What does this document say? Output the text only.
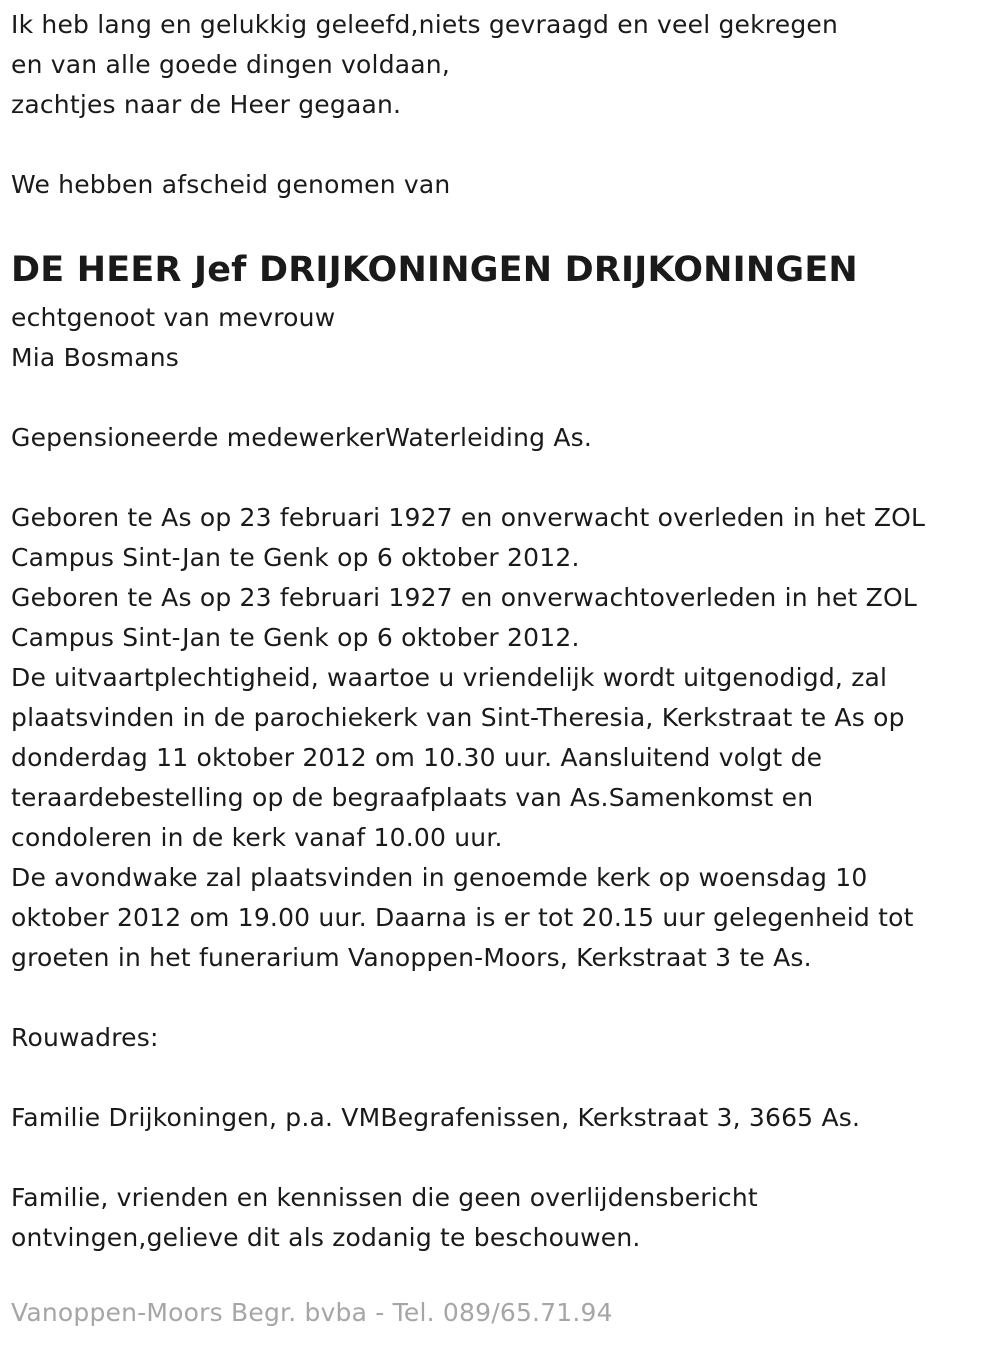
Ik heb lang en gelukkig geleefd,niets gevraagd en veel gekregen
en van alle goede dingen voldaan,
zachtjes naar de Heer gegaan.
We hebben afscheid genomen van
DE HEER Jef DRIJKONINGEN DRIJKONINGEN
echtgenoot van mevrouw
Mia Bosmans
Gepensioneerde medewerkerWaterleiding As.
Geboren te As op 23 februari 1927 en onverwacht overleden in het ZOL
Campus Sint-Jan te Genk op 6 oktober 2012.
Geboren te As op 23 februari 1927 en onverwachtoverleden in het ZOL
Campus Sint-Jan te Genk op 6 oktober 2012.
De uitvaartplechtigheid, waartoe u vriendelijk wordt uitgenodigd, zal
plaatsvinden in de parochiekerk van Sint-Theresia, Kerkstraat te As op
donderdag 11 oktober 2012 om 10.30 uur. Aansluitend volgt de
teraardebestelling op de begraafplaats van As.Samenkomst en
condoleren in de kerk vanaf 10.00 uur.
De avondwake zal plaatsvinden in genoemde kerk op woensdag 10
oktober 2012 om 19.00 uur. Daarna is er tot 20.15 uur gelegenheid tot
groeten in het funerarium Vanoppen-Moors, Kerkstraat 3 te As.
Rouwadres:
Familie Drijkoningen, p.a. VMBegrafenissen, Kerkstraat 3, 3665 As.
Familie, vrienden en kennissen die geen overlijdensbericht
ontvingen,gelieve dit als zodanig te beschouwen.
Vanoppen-Moors Begr. bvba - Tel. 089/65.71.94
